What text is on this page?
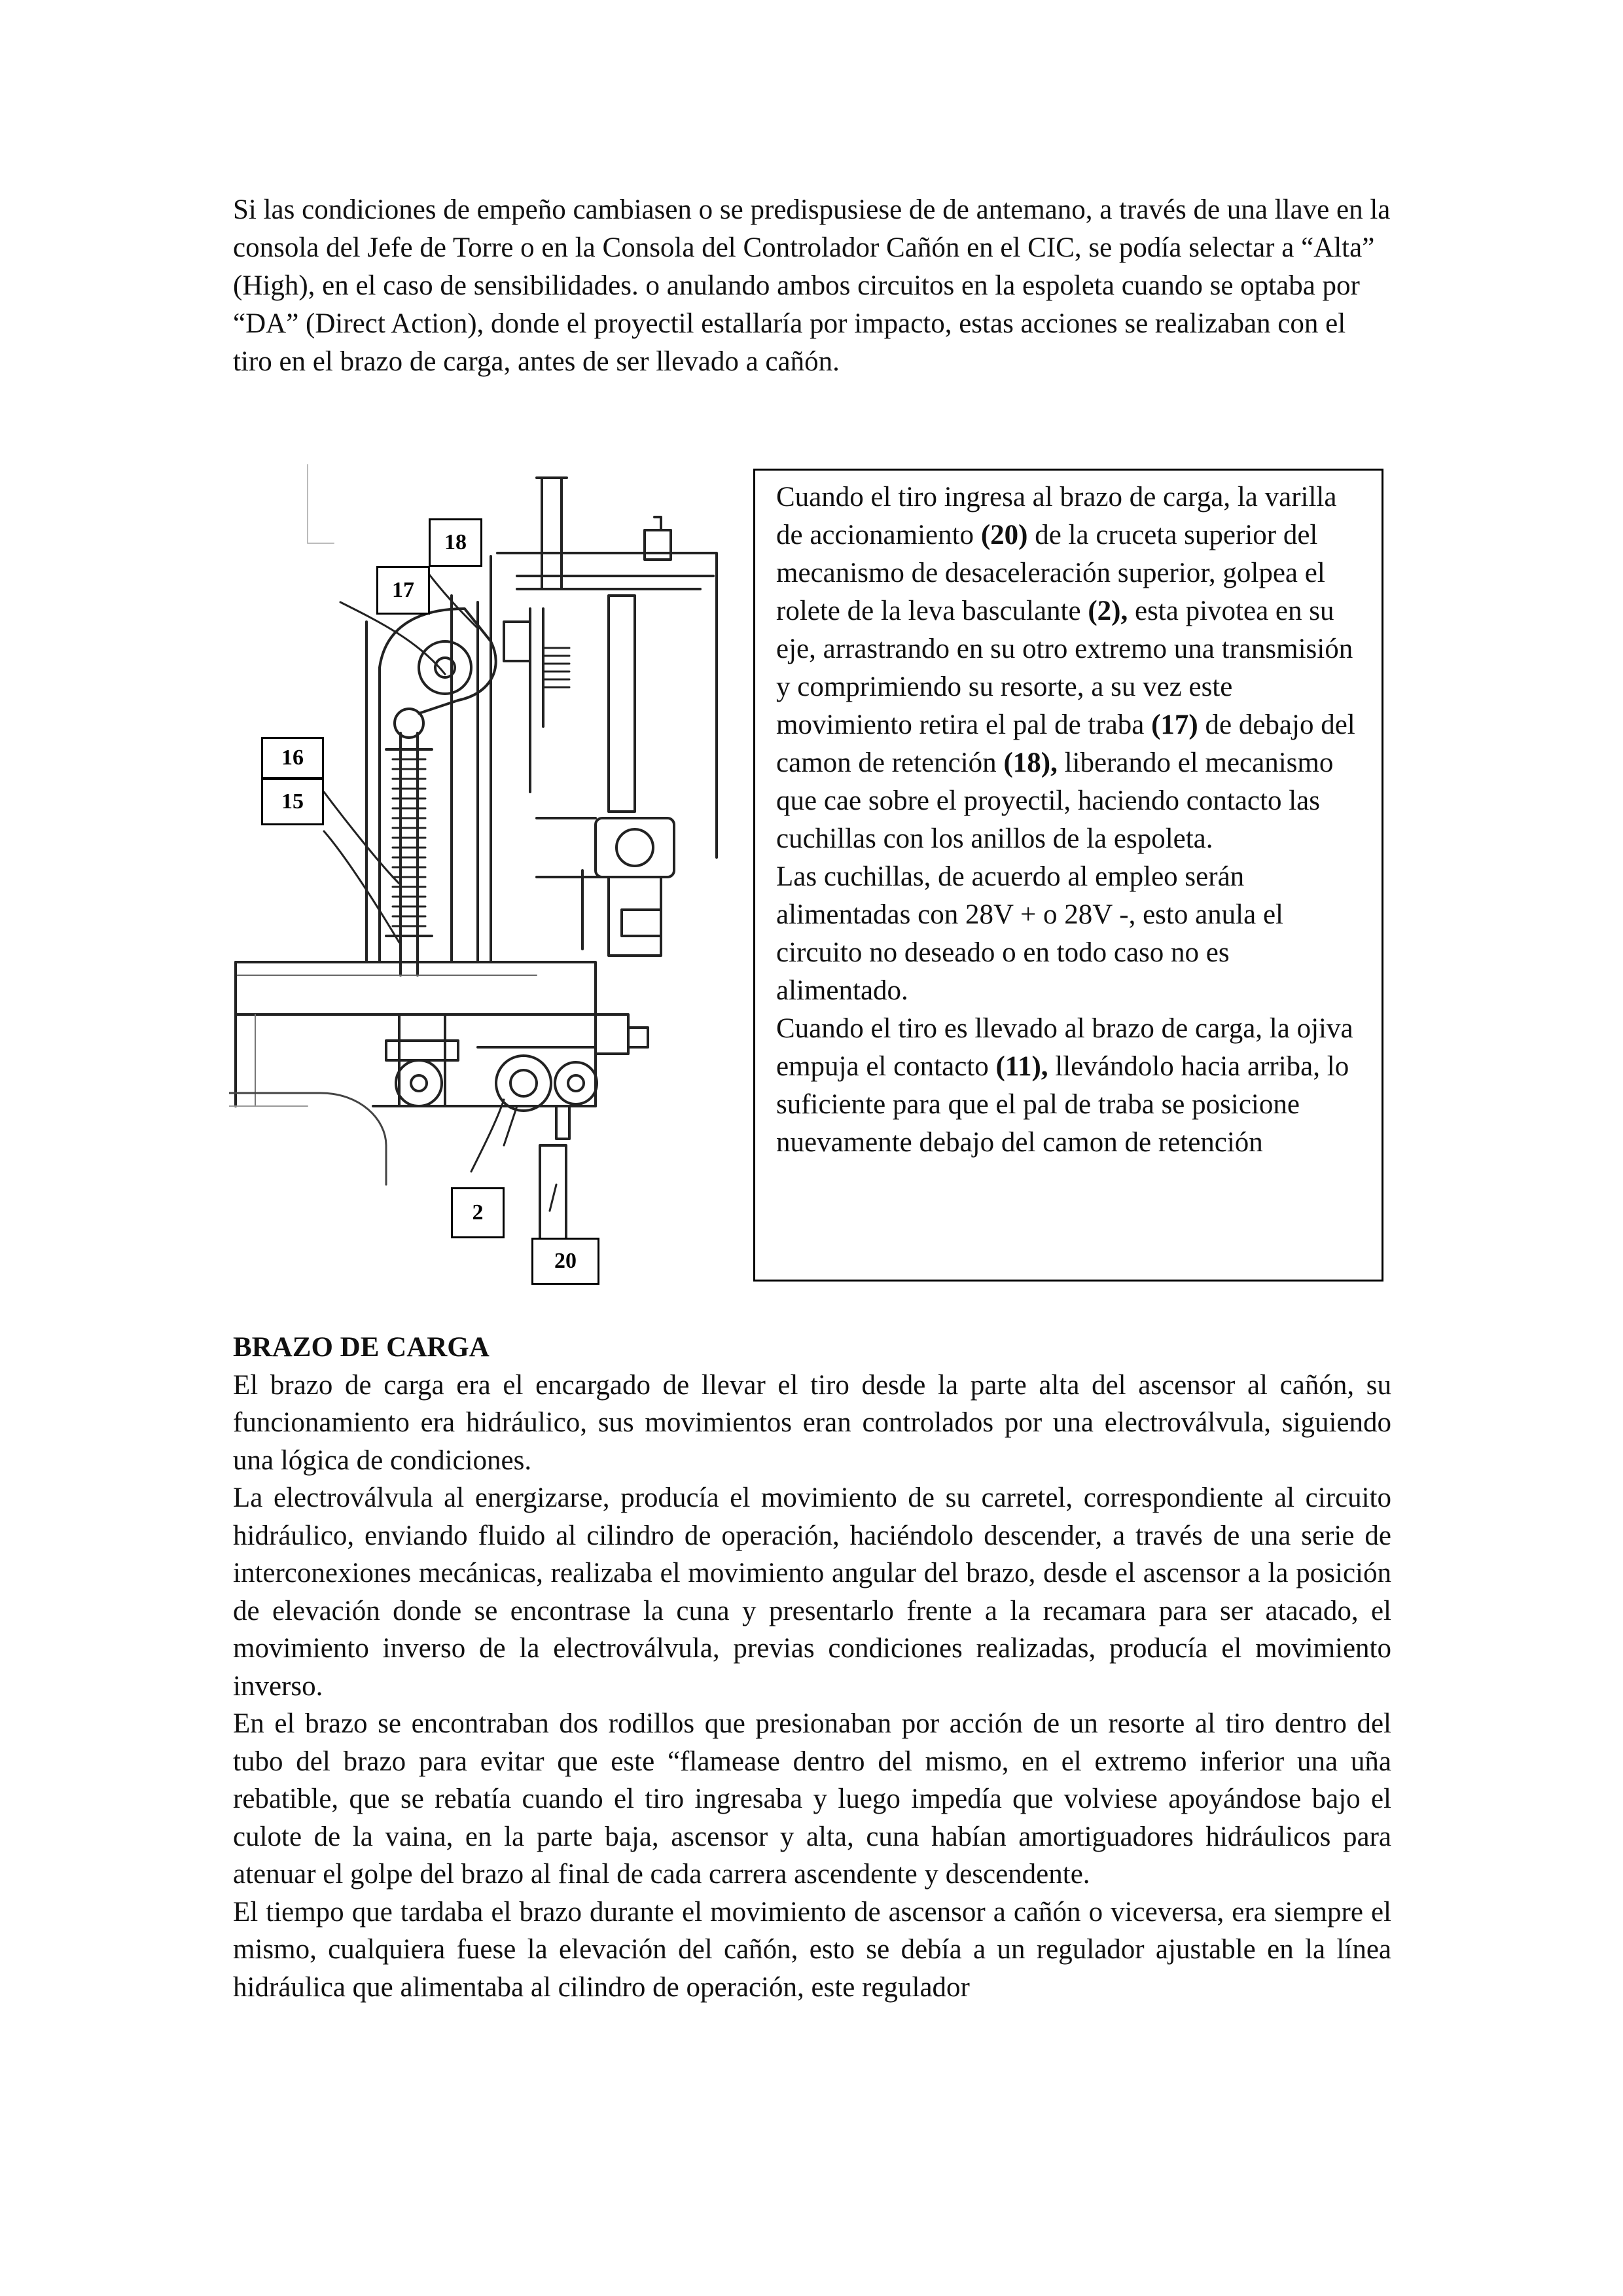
Si las condiciones de empeño cambiasen o se predispusiese de de antemano, a través de una llave en la consola del Jefe de Torre o en la Consola del Controlador Cañón en el CIC, se podía selectar a “Alta” (High), en el caso de sensibilidades. o anulando ambos circuitos en la espoleta cuando se optaba por “DA” (Direct Action), donde el proyectil estallaría por impacto, estas acciones se realizaban con el tiro en el brazo de carga, antes de ser llevado a cañón.

18
17
16
15
2
20

Cuando el tiro ingresa al brazo de carga, la varilla de accionamiento (20) de la cruceta superior del mecanismo de desaceleración superior, golpea el rolete de la leva basculante (2), esta pivotea en su eje, arrastrando en su otro extremo una transmisión y comprimiendo su resorte, a su vez este movimiento retira el pal de traba (17) de debajo del camon de retención (18), liberando el mecanismo que cae sobre el proyectil, haciendo contacto las cuchillas con los anillos de la espoleta.

Las cuchillas, de acuerdo al empleo serán alimentadas con 28V + o 28V -, esto anula el circuito no deseado o en todo caso no es alimentado.

Cuando el tiro es llevado al brazo de carga, la ojiva empuja el contacto (11), llevándolo hacia arriba, lo suficiente para que el pal de traba se posicione nuevamente debajo del camon de retención

BRAZO DE CARGA

El brazo de carga era el encargado de llevar el tiro desde la parte alta del ascensor al cañón, su funcionamiento era hidráulico, sus movimientos eran controlados por una electroválvula, siguiendo una lógica de condiciones.

La electroválvula al energizarse, producía el movimiento de su carretel, correspondiente al circuito hidráulico, enviando fluido al cilindro de operación, haciéndolo descender, a través de una serie de interconexiones mecánicas, realizaba el movimiento angular del brazo, desde el ascensor a la posición de elevación donde se encontrase la cuna y presentarlo frente a la recamara para ser atacado, el movimiento inverso de la electroválvula, previas condiciones realizadas, producía el movimiento inverso.

En el brazo se encontraban dos rodillos que presionaban por acción de un resorte al tiro dentro del tubo del brazo para evitar que este “flamease dentro del mismo, en el extremo inferior una uña rebatible, que se rebatía cuando el tiro ingresaba y luego impedía que volviese apoyándose bajo el culote de la vaina, en la parte baja, ascensor y alta, cuna habían amortiguadores hidráulicos para atenuar el golpe del brazo al final de cada carrera ascendente y descendente.

El tiempo que tardaba el brazo durante el movimiento de ascensor a cañón o viceversa, era siempre el mismo, cualquiera fuese la elevación del cañón, esto se debía a un regulador ajustable en la línea hidráulica que alimentaba al cilindro de operación, este regulador
